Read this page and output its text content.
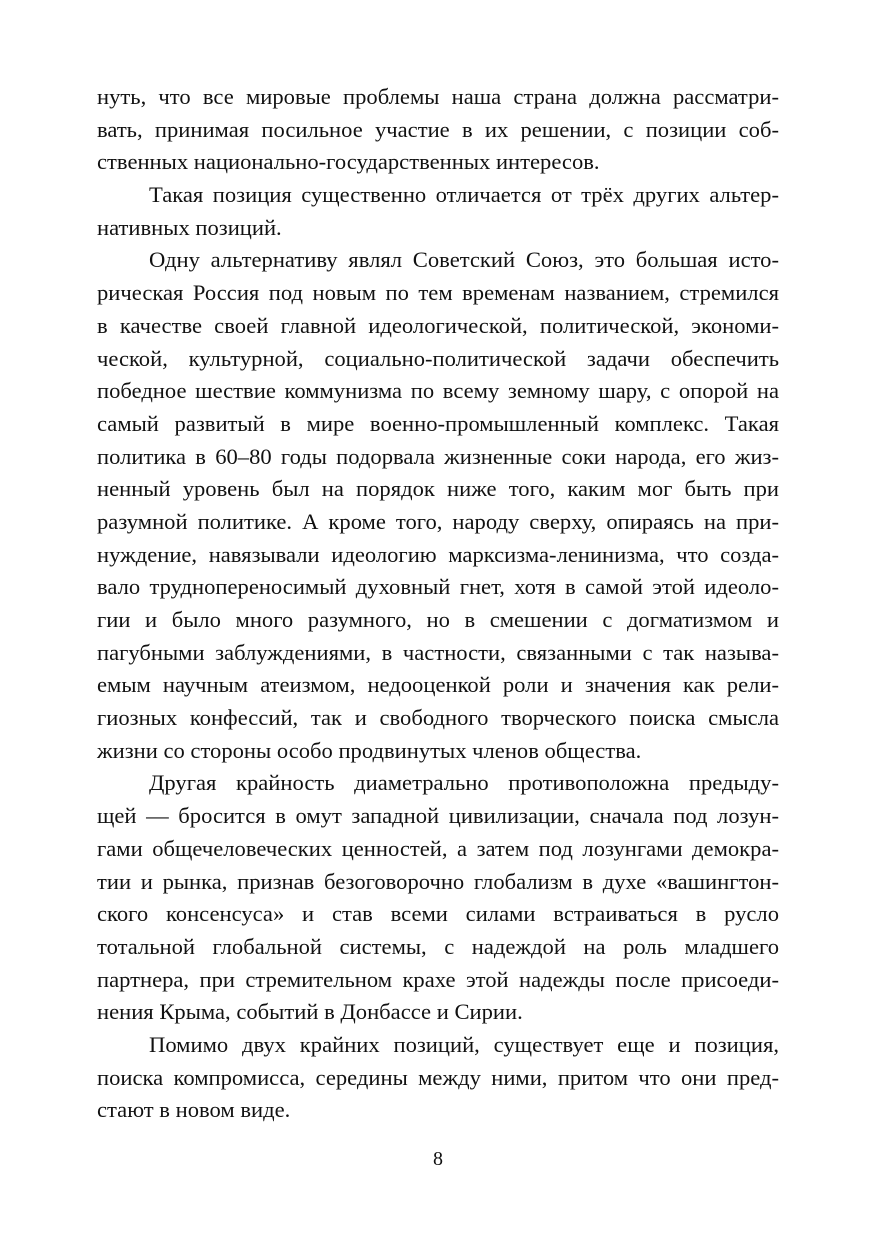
нуть, что все мировые проблемы наша страна должна рассматри-
вать, принимая посильное участие в их решении, с позиции соб-
ственных национально-государственных интересов.
Такая позиция существенно отличается от трёх других альтер-
нативных позиций.
Одну альтернативу являл Советский Союз, это большая исто-
рическая Россия под новым по тем временам названием, стремился
в качестве своей главной идеологической, политической, экономи-
ческой, культурной, социально-политической задачи обеспечить
победное шествие коммунизма по всему земному шару, с опорой на
самый развитый в мире военно-промышленный комплекс. Такая
политика в 60–80 годы подорвала жизненные соки народа, его жиз-
ненный уровень был на порядок ниже того, каким мог быть при
разумной политике. А кроме того, народу сверху, опираясь на при-
нуждение, навязывали идеологию марксизма-ленинизма, что созда-
вало труднопереносимый духовный гнет, хотя в самой этой идеоло-
гии и было много разумного, но в смешении с догматизмом и
пагубными заблуждениями, в частности, связанными с так называ-
емым научным атеизмом, недооценкой роли и значения как рели-
гиозных конфессий, так и свободного творческого поиска смысла
жизни со стороны особо продвинутых членов общества.
Другая крайность диаметрально противоположна предыду-
щей — бросится в омут западной цивилизации, сначала под лозун-
гами общечеловеческих ценностей, а затем под лозунгами демокра-
тии и рынка, признав безоговорочно глобализм в духе «вашингтон-
ского консенсуса» и став всеми силами встраиваться в русло
тотальной глобальной системы, с надеждой на роль младшего
партнера, при стремительном крахе этой надежды после присоеди-
нения Крыма, событий в Донбассе и Сирии.
Помимо двух крайних позиций, существует еще и позиция,
поиска компромисса, середины между ними, притом что они пред-
стают в новом виде.
8
